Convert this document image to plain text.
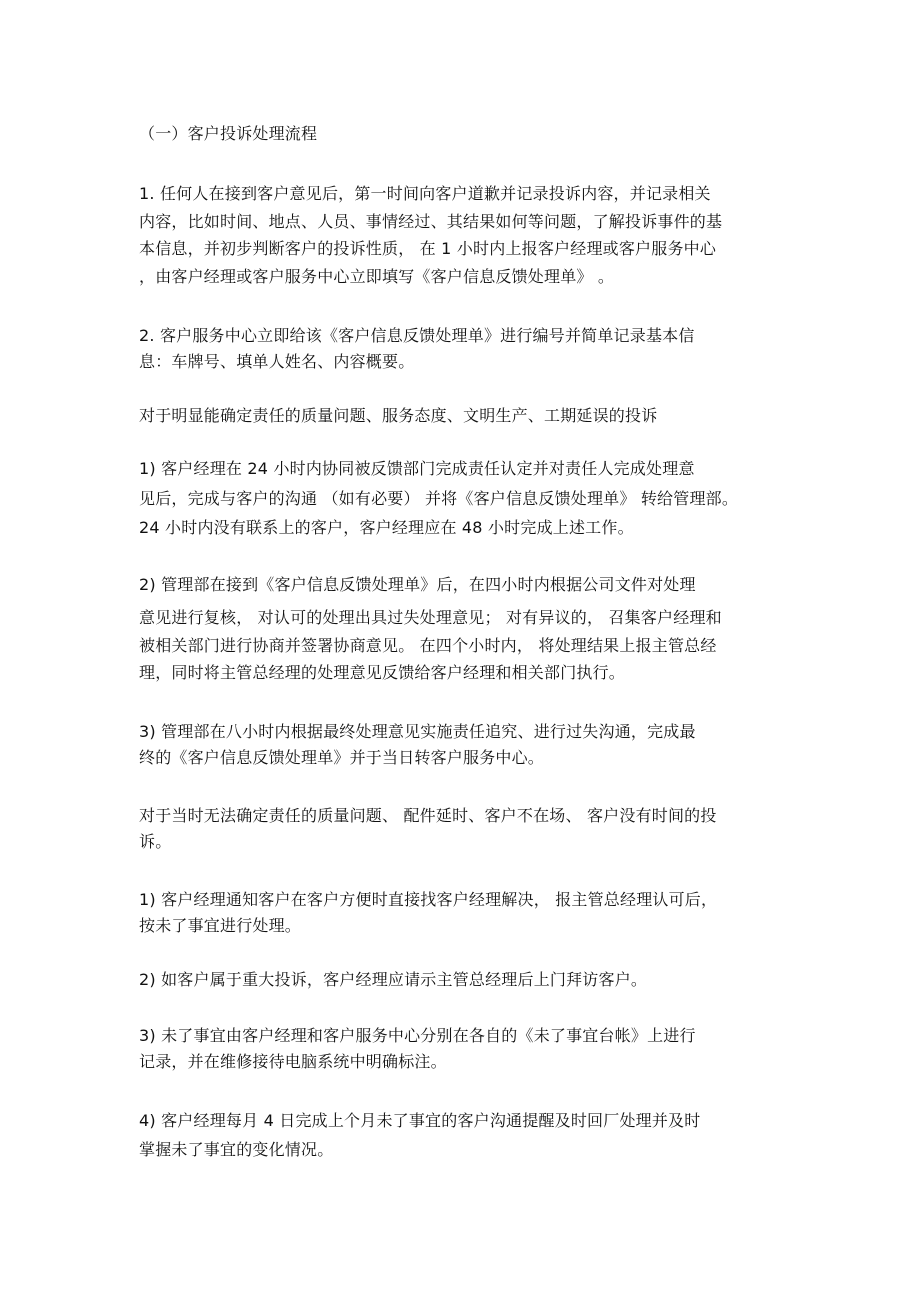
（一）客户投诉处理流程
1. 任何人在接到客户意见后，第一时间向客户道歉并记录投诉内容，并记录相关
内容，比如时间、地点、人员、事情经过、其结果如何等问题，了解投诉事件的基
本信息，并初步判断客户的投诉性质， 在 1 小时内上报客户经理或客户服务中心
，由客户经理或客户服务中心立即填写《客户信息反馈处理单》 。
2. 客户服务中心立即给该《客户信息反馈处理单》进行编号并简单记录基本信
息：车牌号、填单人姓名、内容概要。
对于明显能确定责任的质量问题、服务态度、文明生产、工期延误的投诉
1) 客户经理在 24 小时内协同被反馈部门完成责任认定并对责任人完成处理意
见后，完成与客户的沟通 （如有必要） 并将《客户信息反馈处理单》 转给管理部。
24 小时内没有联系上的客户，客户经理应在 48 小时完成上述工作。
2) 管理部在接到《客户信息反馈处理单》后，在四小时内根据公司文件对处理
意见进行复核， 对认可的处理出具过失处理意见； 对有异议的， 召集客户经理和
被相关部门进行协商并签署协商意见。 在四个小时内， 将处理结果上报主管总经
理，同时将主管总经理的处理意见反馈给客户经理和相关部门执行。
3) 管理部在八小时内根据最终处理意见实施责任追究、进行过失沟通，完成最
终的《客户信息反馈处理单》并于当日转客户服务中心。
对于当时无法确定责任的质量问题、 配件延时、客户不在场、 客户没有时间的投
诉。
1) 客户经理通知客户在客户方便时直接找客户经理解决， 报主管总经理认可后，
按未了事宜进行处理。
2) 如客户属于重大投诉，客户经理应请示主管总经理后上门拜访客户。
3) 未了事宜由客户经理和客户服务中心分别在各自的《未了事宜台帐》上进行
记录，并在维修接待电脑系统中明确标注。
4) 客户经理每月 4 日完成上个月未了事宜的客户沟通提醒及时回厂处理并及时
掌握未了事宜的变化情况。
